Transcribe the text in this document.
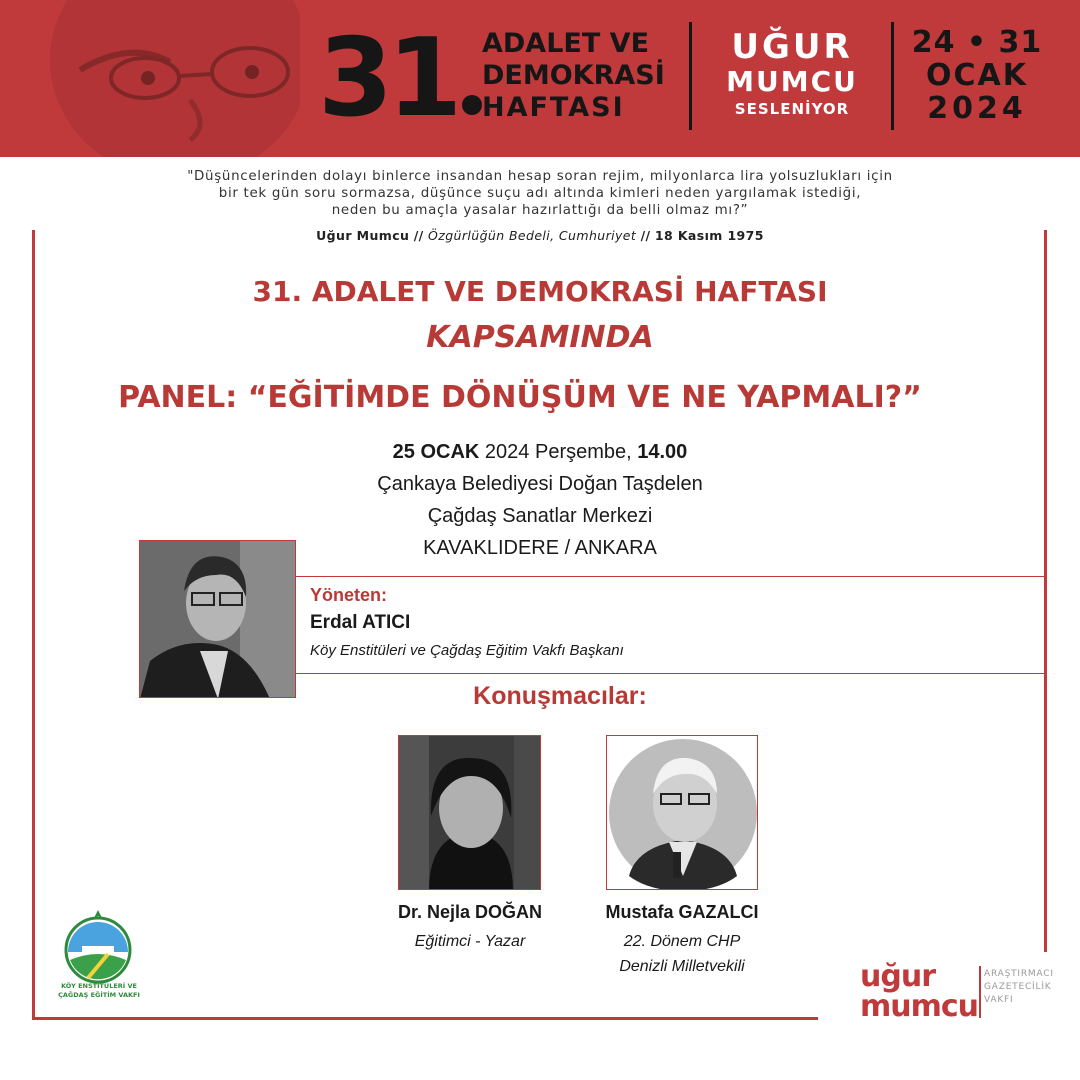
31 ADALET VE
DEMOKRASİ
HAFTASI
UĞUR
MUMCU
SESLENİYOR
24 • 31
OCAK
2024
"Düşüncelerinden dolayı binlerce insandan hesap soran rejim, milyonlarca lira yolsuzlukları için
bir tek gün soru sormazsa, düşünce suçu adı altında kimleri neden yargılamak istediği,
neden bu amaçla yasalar hazırlattığı da belli olmaz mı?”
Uğur Mumcu // Özgürlüğün Bedeli, Cumhuriyet // 18 Kasım 1975
31. ADALET VE DEMOKRASİ HAFTASI
KAPSAMINDA
PANEL: “EĞİTİMDE DÖNÜŞÜM VE NE YAPMALI?”
25 OCAK 2024 Perşembe, 14.00
Çankaya Belediyesi Doğan Taşdelen
Çağdaş Sanatlar Merkezi
KAVAKLIDERE / ANKARA
Yöneten:
Erdal ATICI
Köy Enstitüleri ve Çağdaş Eğitim Vakfı Başkanı
Konuşmacılar:
Dr. Nejla DOĞAN
Eğitimci - Yazar
Mustafa GAZALCI
22. Dönem CHP
Denizli Milletvekili
KÖY ENSTİTÜLERİ VE
ÇAĞDAŞ EĞİTİM VAKFI
uğur
mumcu
ARAŞTIRMACI
GAZETECİLİK
VAKFI
